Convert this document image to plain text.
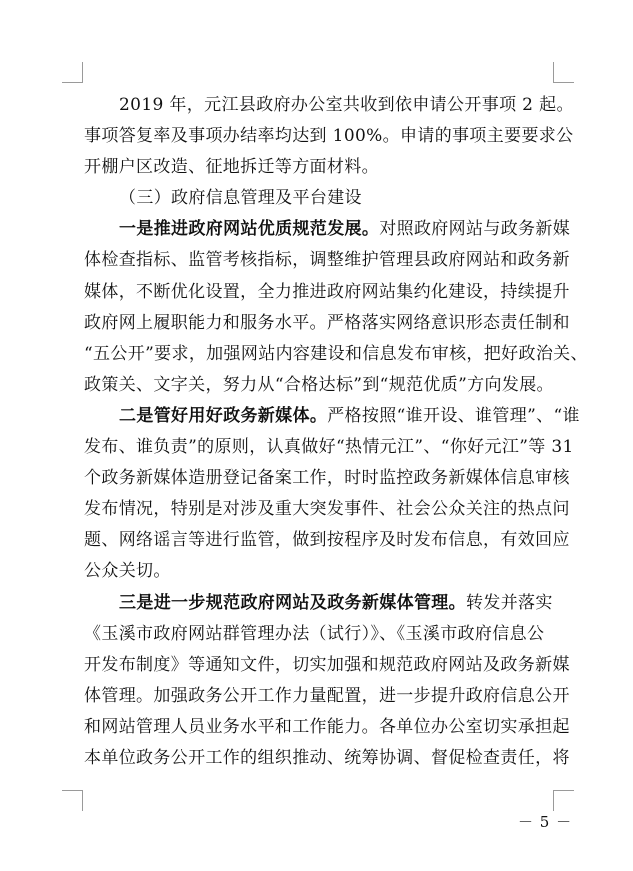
2019 年，元江县政府办公室共收到依申请公开事项 2 起。
事项答复率及事项办结率均达到 100%。申请的事项主要要求公
开棚户区改造、征地拆迁等方面材料。
（三）政府信息管理及平台建设
一是推进政府网站优质规范发展。对照政府网站与政务新媒
体检查指标、监管考核指标，调整维护管理县政府网站和政务新
媒体，不断优化设置，全力推进政府网站集约化建设，持续提升
政府网上履职能力和服务水平。严格落实网络意识形态责任制和
“五公开”要求，加强网站内容建设和信息发布审核，把好政治关、
政策关、文字关，努力从“合格达标”到“规范优质”方向发展。
二是管好用好政务新媒体。严格按照“谁开设、谁管理”、“谁
发布、谁负责”的原则，认真做好“热情元江”、“你好元江”等 31
个政务新媒体造册登记备案工作，时时监控政务新媒体信息审核
发布情况，特别是对涉及重大突发事件、社会公众关注的热点问
题、网络谣言等进行监管，做到按程序及时发布信息，有效回应
公众关切。
三是进一步规范政府网站及政务新媒体管理。转发并落实
《玉溪市政府网站群管理办法（试行）》、《玉溪市政府信息公
开发布制度》等通知文件，切实加强和规范政府网站及政务新媒
体管理。加强政务公开工作力量配置，进一步提升政府信息公开
和网站管理人员业务水平和工作能力。各单位办公室切实承担起
本单位政务公开工作的组织推动、统筹协调、督促检查责任，将
－ 5 －
